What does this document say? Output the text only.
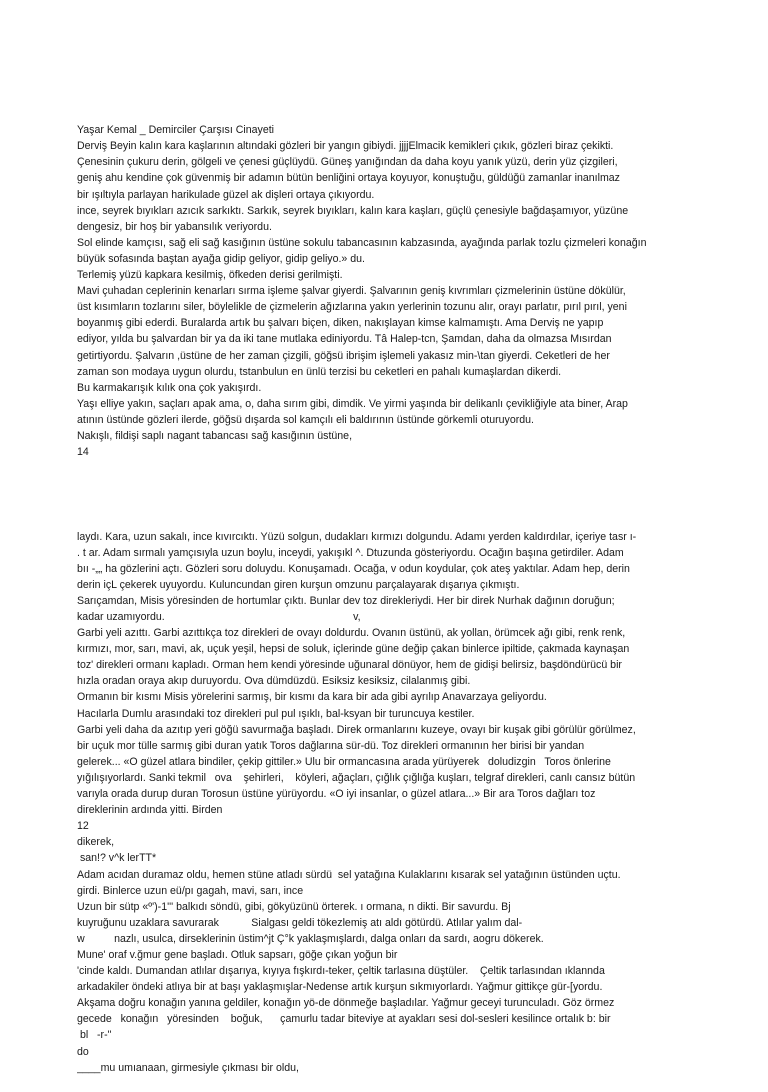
Yaşar Kemal _ Demirciler Çarşısı Cinayeti
Derviş Beyin kalın kara kaşlarının altındaki gözleri bir yangın gibiydi. jjjjElmacik kemikleri çıkık, gözleri biraz çekikti.
Çenesinin çukuru derin, gölgeli ve çenesi güçlüydü. Güneş yanığından da daha koyu yanık yüzü, derin yüz çizgileri,
geniş ahu kendine çok güvenmiş bir adamın bütün benliğini ortaya koyuyor, konuştuğu, güldüğü zamanlar inanılmaz
bir ışıltıyla parlayan harikulade güzel ak dişleri ortaya çıkıyordu.
ince, seyrek bıyıkları azıcık sarkıktı. Sarkık, seyrek bıyıkları, kalın kara kaşları, güçlü çenesiyle bağdaşamıyor, yüzüne
dengesiz, bir hoş bir yabansılık veriyordu.
Sol elinde kamçısı, sağ eli sağ kasığının üstüne sokulu tabancasının kabzasında, ayağında parlak tozlu çizmeleri konağın
büyük sofasında baştan ayağa gidip geliyor, gidip geliyo.» du.
Terlemiş yüzü kapkara kesilmiş, öfkeden derisi gerilmişti.
Mavi çuhadan ceplerinin kenarları sırma işleme şalvar giyerdi. Şalvarının geniş kıvrımları çizmelerinin üstüne dökülür,
üst kısımların tozlarını siler, böylelikle de çizmelerin ağızlarına yakın yerlerinin tozunu alır, orayı parlatır, pırıl pırıl, yeni
boyanmış gibi ederdi. Buralarda artık bu şalvarı biçen, diken, nakışlayan kimse kalmamıştı. Ama Derviş ne yapıp
ediyor, yılda bu şalvardan bir ya da iki tane mutlaka ediniyordu. Tâ Halep-tcn, Şamdan, daha da olmazsa Mısırdan
getirtiyordu. Şalvarın ,üstüne de her zaman çizgili, göğsü ibrişim işlemeli yakasız min-\tan giyerdi. Ceketleri de her
zaman son modaya uygun olurdu, tstanbulun en ünlü terzisi bu ceketleri en pahalı kumaşlardan dikerdi.
Bu karmakarışık kılık ona çok yakışırdı.
Yaşı elliye yakın, saçları apak ama, o, daha sırım gibi, dimdik. Ve yirmi yaşında bir delikanlı çevikliğiyle ata biner, Arap
atının üstünde gözleri ilerde, göğsü dışarda sol kamçılı eli baldırının üstünde görkemli oturuyordu.
Nakışlı, fildişi saplı nagant tabancası sağ kasığının üstüne,
14

laydı. Kara, uzun sakalı, ince kıvırcıktı. Yüzü solgun, dudakları kırmızı dolgundu. Adamı yerden kaldırdılar, içeriye tasr ı-
. t ar. Adam sırmalı yamçısıyla uzun boylu, inceydi, yakışıkl ^. Dtuzunda gösteriyordu. Ocağın başına getirdiler. Adam
bıı -„„ ha gözlerini açtı. Gözleri soru doluydu. Konuşamadı. Ocağa, v odun koydular, çok ateş yaktılar. Adam hep, derin
derin içL çekerek uyuyordu. Kuluncundan giren kurşun omzunu parçalayarak dışarıya çıkmıştı.
Sarıçamdan, Misis yöresinden de hortumlar çıktı. Bunlar dev toz direkleriydi. Her bir direk Nurhak dağının doruğun;
kadar uzamıyordu.                                                                v,
Garbi yeli azıttı. Garbi azıttıkça toz direkleri de ovayı doldurdu. Ovanın üstünü, ak yollan, örümcek ağı gibi, renk renk,
kırmızı, mor, sarı, mavi, ak, uçuk yeşil, hepsi de soluk, içlerinde güne değip çakan binlerce ipiltide, çakmada kaynaşan
toz' direkleri ormanı kapladı. Orman hem kendi yöresinde uğunaral dönüyor, hem de gidişi belirsiz, başdöndürücü bir
hızla oradan oraya akıp duruyordu. Ova dümdüzdü. Esiksiz kesiksiz, cilalanmış gibi.
Ormanın bir kısmı Misis yörelerini sarmış, bir kısmı da kara bir ada gibi ayrılıp Anavarzaya geliyordu.
Hacılarla Dumlu arasındaki toz direkleri pul pul ışıklı, bal-ksyan bir turuncuya kestiler.
Garbi yeli daha da azıtıp yeri göğü savurmağa başladı. Direk ormanlarını kuzeye, ovayı bir kuşak gibi görülür görülmez,
bir uçuk mor tülle sarmış gibi duran yatık Toros dağlarına sür-dü. Toz direkleri ormanının her birisi bir yandan
gelerek... «O güzel atlara bindiler, çekip gittiler.» Ulu bir ormancasına arada yürüyerek   doludizgin   Toros önlerine
yığılışıyorlardı. Sanki tekmil   ova    şehirleri,    köyleri, ağaçları, çığlık çığlığa kuşları, telgraf direkleri, canlı cansız bütün
varıyla orada durup duran Torosun üstüne yürüyordu. «O iyi insanlar, o güzel atlara...» Bir ara Toros dağları toz
direklerinin ardında yitti. Birden
12
dikerek,
san!? v^k lerTT*
Adam acıdan duramaz oldu, hemen stüne atladı sürdü  sel yatağına Kulaklarını kısarak sel yatağının üstünden uçtu.
girdi. Binlerce uzun eü/pı gagah, mavi, sarı, ince
Uzun bir sütp «º')-1''' balkıdı söndü, gibi, gökyüzünü örterek. ı ormana, n dikti. Bir savurdu. Bj
kuyruğunu uzaklara savurarak           Sialgası geldi tökezlemiş atı aldı götürdü. Atlılar yalım dal-
w          nazlı, usulca, dirseklerinin üstim^jt Ç°k yaklaşmışlardı, dalga onları da sardı, aogru dökerek.
Mune' oraf v.ğmur gene başladı. Otluk sapsarı, göğe çıkan yoğun bir
'cinde kaldı. Dumandan atlılar dışarıya, kıyıya fışkırdı-teker, çeltik tarlasına düştüler.    Çeltik tarlasından ıklannda
arkadakiler öndeki atlıya bir at başı yaklaşmışlar-Nedense artık kurşun sıkmıyorlardı. Yağmur gittikçe gür-[yordu.
Akşama doğru konağın yanına geldiler, konağın yö-de dönmeğe başladılar. Yağmur geceyi turunculadı. Göz örmez
gecede   konağın   yöresinden    boğuk,      çamurlu tadar biteviye at ayakları sesi dol-sesleri kesilince ortalık b: bir
bl   -r-"
do
____mu umıanaan, girmesiyle çıkması bir oldu,
